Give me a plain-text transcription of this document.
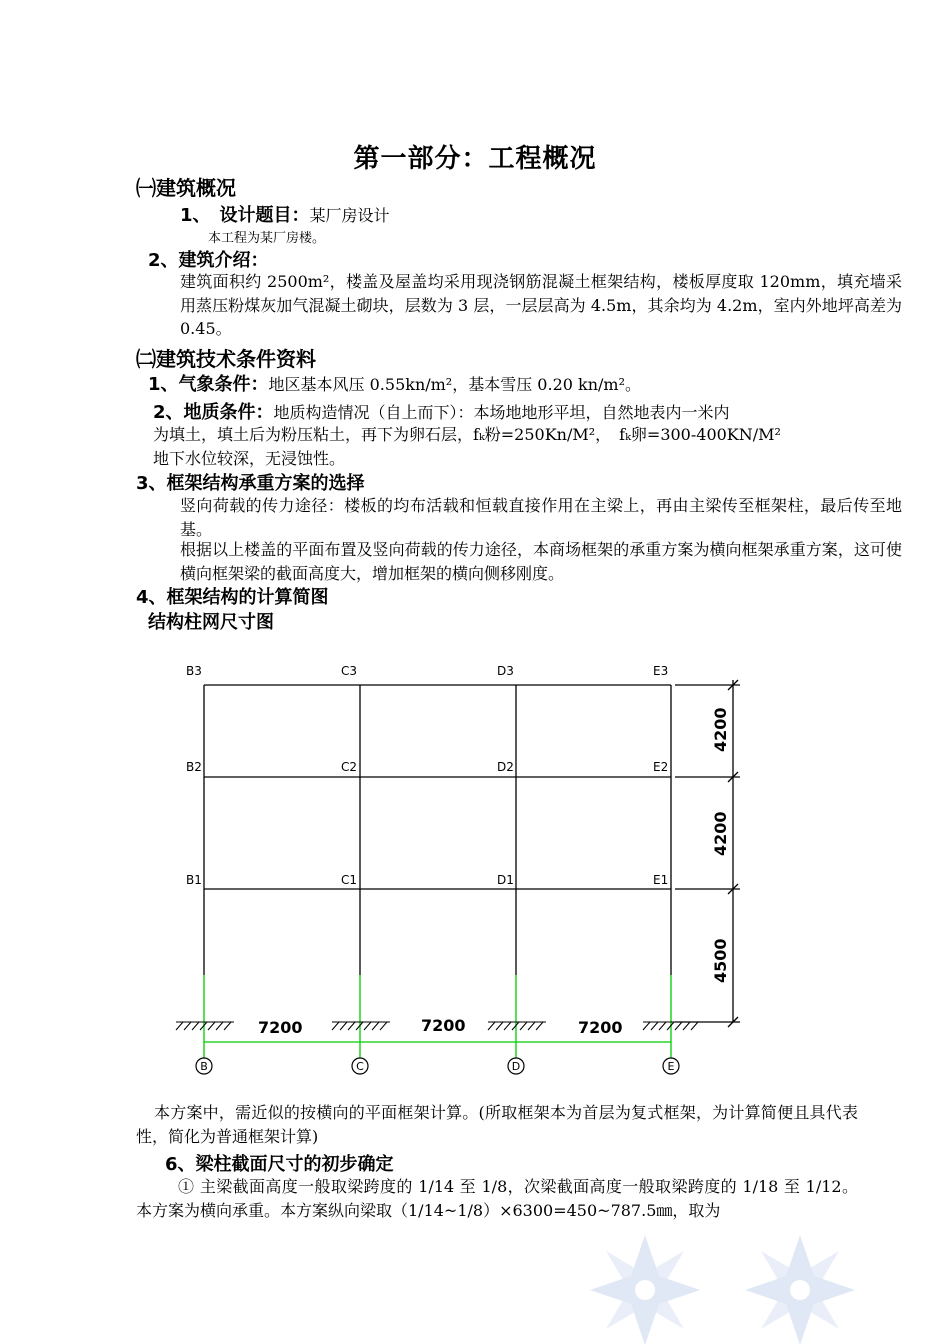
第一部分：工程概况
㈠建筑概况
1、　设计题目：某厂房设计
本工程为某厂房楼。
2、建筑介绍：
建筑面积约 2500m²，楼盖及屋盖均采用现浇钢筋混凝土框架结构，楼板厚度取 120mm，填充墙采用蒸压粉煤灰加气混凝土砌块，层数为 3 层，一层层高为 4.5m，其余均为 4.2m，室内外地坪高差为 0.45。
㈡建筑技术条件资料
1、气象条件：地区基本风压 0.55kn/m²，基本雪压 0.20 kn/m²。
2、地质条件：地质构造情况（自上而下）：本场地地形平坦，自然地表内一米内
为填土，填土后为粉压粘土，再下为卵石层，fₖ粉=250Kn/M²，　fₖ卵=300-400KN/M²
地下水位较深，无浸蚀性。
3、框架结构承重方案的选择
竖向荷载的传力途径：楼板的均布活载和恒载直接作用在主梁上，再由主梁传至框架柱，最后传至地基。
根据以上楼盖的平面布置及竖向荷载的传力途径，本商场框架的承重方案为横向框架承重方案，这可使横向框架梁的截面高度大，增加框架的横向侧移刚度。
4、框架结构的计算简图
结构柱网尺寸图
B3	C3	D3	E3
B2	C2	D2	E2
B1	C1	D1	E1
7200	7200	7200
4200
4200
4500
B	C	D	E
本方案中，需近似的按横向的平面框架计算。(所取框架本为首层为复式框架，为计算简便且具代表性，简化为普通框架计算)
6、梁柱截面尺寸的初步确定
① 主梁截面高度一般取梁跨度的 1/14 至 1/8，次梁截面高度一般取梁跨度的 1/18 至 1/12。本方案为横向承重。本方案纵向梁取（1/14~1/8）×6300=450~787.5㎜，取为
